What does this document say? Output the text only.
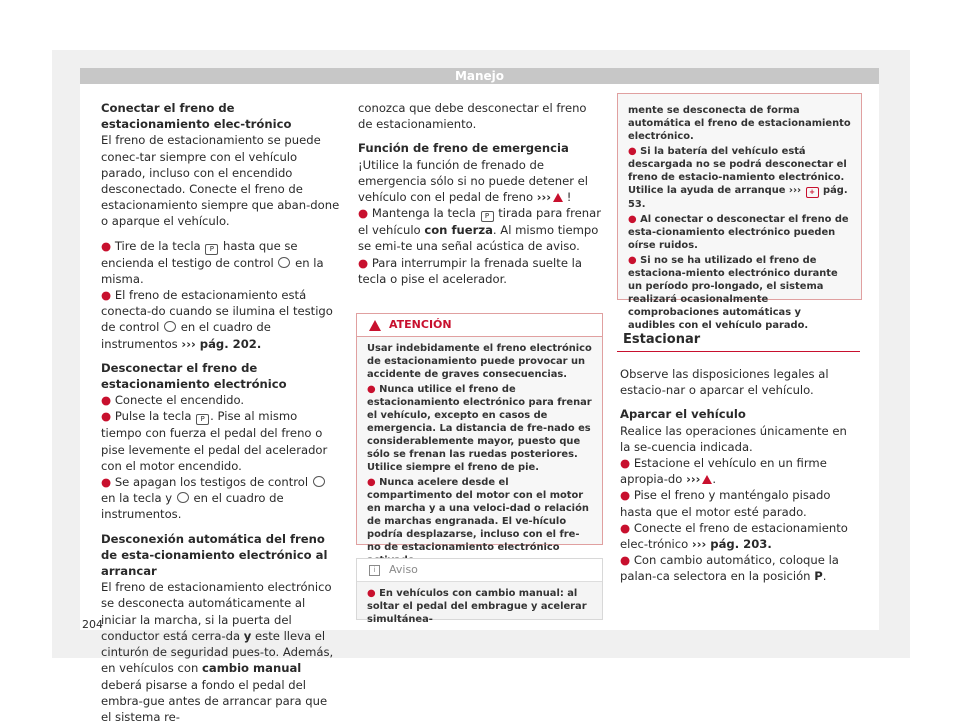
Manejo

Conectar el freno de estacionamiento elec-trónico

El freno de estacionamiento se puede conec-tar siempre con el vehículo parado, incluso con el encendido desconectado. Conecte el freno de estacionamiento siempre que aban-done o aparque el vehículo.

● Tire de la tecla P hasta que se encienda el testigo de control en la misma.

● El freno de estacionamiento está conecta-do cuando se ilumina el testigo de control en el cuadro de instrumentos ››› pág. 202.

Desconectar el freno de estacionamiento electrónico

● Conecte el encendido.

● Pulse la tecla P . Pise al mismo tiempo con fuerza el pedal del freno o pise levemente el pedal del acelerador con el motor encendido.

● Se apagan los testigos de control  en la tecla y en el cuadro de instrumentos.

Desconexión automática del freno de esta-cionamiento electrónico al arrancar

El freno de estacionamiento electrónico se desconecta automáticamente al iniciar la marcha, si la puerta del conductor está cerra-da y este lleva el cinturón de seguridad pues-to. Además, en vehículos con cambio manual deberá pisarse a fondo el pedal del embra-gue antes de arrancar para que el sistema re-

conozca que debe desconectar el freno de estacionamiento.

Función de freno de emergencia

¡Utilice la función de frenado de emergencia sólo si no puede detener el vehículo con el pedal de freno ››› !

● Mantenga la tecla P tirada para frenar el vehículo con fuerza. Al mismo tiempo se emi-te una señal acústica de aviso.

● Para interrumpir la frenada suelte la tecla o pise el acelerador.

ATENCIÓN

Usar indebidamente el freno electrónico de estacionamiento puede provocar un accidente de graves consecuencias.

● Nunca utilice el freno de estacionamiento electrónico para frenar el vehículo, excepto en casos de emergencia. La distancia de fre-nado es considerablemente mayor, puesto que sólo se frenan las ruedas posteriores. Utilice siempre el freno de pie.

● Nunca acelere desde el compartimento del motor con el motor en marcha y a una veloci-dad o relación de marchas engranada. El ve-hículo podría desplazarse, incluso con el fre-no de estacionamiento electrónico

i	Aviso

● En vehículos con cambio manual: al soltar el pedal del embrague y acelerar simultánea-

mente se desconecta de forma automática el freno de estacionamiento electrónico.

● Si la batería del vehículo está descargada no se podrá desconectar el freno de estacio-namiento electrónico. Utilice la ayuda de arranque ››› + pág. 53.

● Al conectar o desconectar el freno de esta-cionamiento electrónico pueden oírse ruidos.

● Si no se ha utilizado el freno de estaciona-miento electrónico durante un período pro-longado, el sistema realizará ocasionalmente comprobaciones automáticas y audibles con el vehículo parado.

Estacionar

Observe las disposiciones legales al estacio-nar o aparcar el vehículo.

Aparcar el vehículo

Realice las operaciones únicamente en la se-cuencia indicada.

● Estacione el vehículo en un firme apropia-do ››› .

● Pise el freno y manténgalo pisado hasta que el motor esté parado.

● Conecte el freno de estacionamiento elec-trónico ››› pág. 203.

● Con cambio automático, coloque la palan-ca selectora en la posición P.

204
